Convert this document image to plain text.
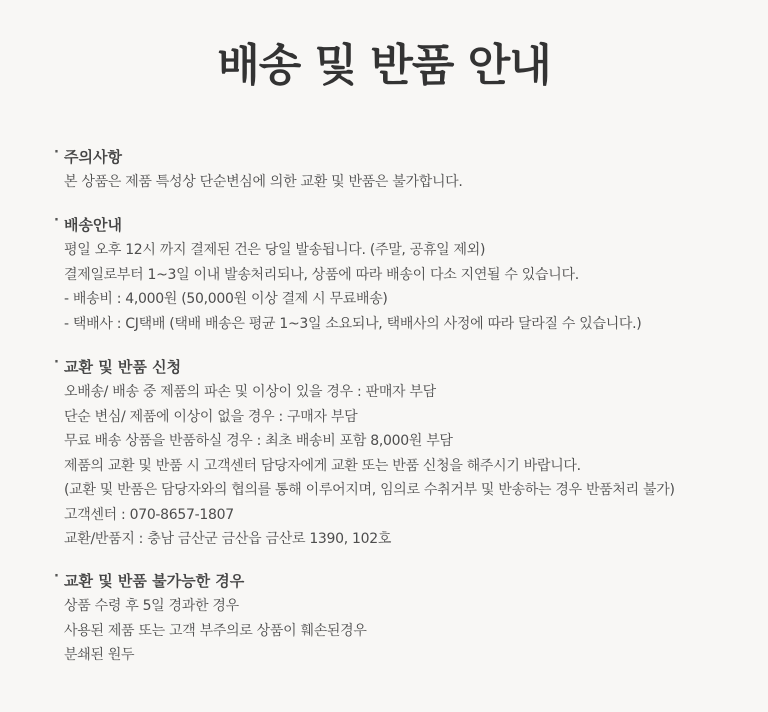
배송 및 반품 안내
· 주의사항
본 상품은 제품 특성상 단순변심에 의한 교환 및 반품은 불가합니다.
· 배송안내
평일 오후 12시 까지 결제된 건은 당일 발송됩니다. (주말, 공휴일 제외)
결제일로부터 1~3일 이내 발송처리되나, 상품에 따라 배송이 다소 지연될 수 있습니다.
- 배송비 : 4,000원 (50,000원 이상 결제 시 무료배송)
- 택배사 : CJ택배 (택배 배송은 평균 1~3일 소요되나, 택배사의 사정에 따라 달라질 수 있습니다.)
· 교환 및 반품 신청
오배송/ 배송 중 제품의 파손 및 이상이 있을 경우 : 판매자 부담
단순 변심/ 제품에 이상이 없을 경우 : 구매자 부담
무료 배송 상품을 반품하실 경우 : 최초 배송비 포함 8,000원 부담
제품의 교환 및 반품 시 고객센터 담당자에게 교환 또는 반품 신청을 해주시기 바랍니다.
(교환 및 반품은 담당자와의 협의를 통해 이루어지며, 임의로 수취거부 및 반송하는 경우 반품처리 불가)
고객센터 : 070-8657-1807
교환/반품지 : 충남 금산군 금산읍 금산로 1390, 102호
· 교환 및 반품 불가능한 경우
상품 수령 후 5일 경과한 경우
사용된 제품 또는 고객 부주의로 상품이 훼손된경우
분쇄된 원두
